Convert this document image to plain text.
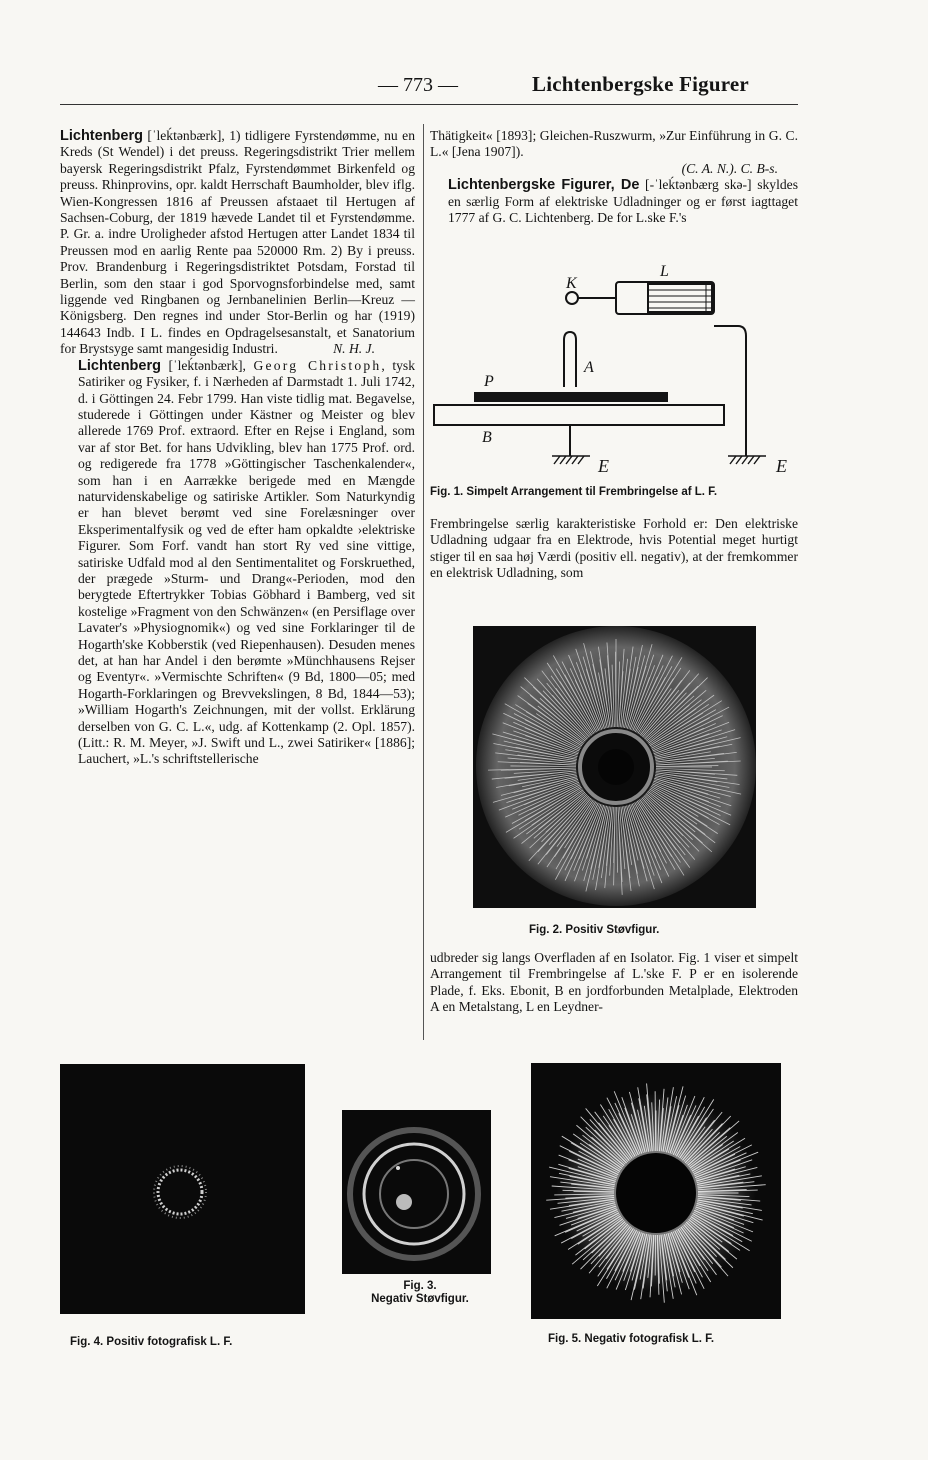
— 773 —	Lichtenbergske Figurer

Lichtenberg [ˈleḱtənbærk], 1) tidligere Fyrstendømme, nu en Kreds (St Wendel) i det preuss. Regeringsdistrikt Trier mellem bayersk Regeringsdistrikt Pfalz, Fyrstendømmet Birkenfeld og preuss. Rhinprovins, opr. kaldt Herrschaft Baumholder, blev iflg. Wien-Kongressen 1816 af Preussen afstaaet til Hertugen af Sachsen-Coburg, der 1819 hævede Landet til et Fyrstendømme. P. Gr. a. indre Uroligheder afstod Hertugen atter Landet 1834 til Preussen mod en aarlig Rente paa 520000 Rm. 2) By i preuss. Prov. Brandenburg i Regeringsdistriktet Potsdam, Forstad til Berlin, som den staar i god Sporvognsforbindelse med, samt liggende ved Ringbanen og Jernbanelinien Berlin—Kreuz —Königsberg. Den regnes ind under Stor-Berlin og har (1919) 144643 Indb. I L. findes en Opdragelsesanstalt, et Sanatorium for Brystsyge samt mangesidig Industri.	N. H. J.

Lichtenberg [ˈleḱtənbærk], Georg Christoph, tysk Satiriker og Fysiker, f. i Nærheden af Darmstadt 1. Juli 1742, d. i Göttingen 24. Febr 1799. Han viste tidlig mat. Begavelse, studerede i Göttingen under Kästner og Meister og blev allerede 1769 Prof. extraord. Efter en Rejse i England, som var af stor Bet. for hans Udvikling, blev han 1775 Prof. ord. og redigerede fra 1778 »Göttingischer Taschenkalender«, som han i en Aarrække berigede med en Mængde naturvidenskabelige og satiriske Artikler. Som Naturkyndig er han blevet berømt ved sine Forelæsninger over Eksperimentalfysik og ved de efter ham opkaldte ›elektriske Figurer. Som Forf. vandt han stort Ry ved sine vittige, satiriske Udfald mod al den Sentimentalitet og Forskruethed, der prægede »Sturm- und Drang«-Perioden, mod den berygtede Eftertrykker Tobias Göbhard i Bamberg, ved sit kostelige »Fragment von den Schwänzen« (en Persiflage over Lavater's »Physiognomik«) og ved sine Forklaringer til de Hogarth'ske Kobberstik (ved Riepenhausen). Desuden menes det, at han har Andel i den berømte »Münchhausens Rejser og Eventyr«. »Vermischte Schriften« (9 Bd, 1800—05; med Hogarth-Forklaringen og Brevvekslingen, 8 Bd, 1844—53); »William Hogarth's Zeichnungen, mit der vollst. Erklärung derselben von G. C. L.«, udg. af Kottenkamp (2. Opl. 1857). (Litt.: R. M. Meyer, »J. Swift und L., zwei Satiriker« [1886]; Lauchert, »L.'s schriftstellerische

Thätigkeit« [1893]; Gleichen-Ruszwurm, »Zur Einführung in G. C. L.« [Jena 1907]).

(C. A. N.). C. B-s.

Lichtenbergske Figurer, De [-ˈleḱtənbærg skə-] skyldes en særlig Form af elektriske Udladninger og er først iagttaget 1777 af G. C. Lichtenberg. De for L.ske F.'s

L
K
A
P
B
E	E
Fig. 1. Simpelt Arrangement til Frembringelse af L. F.

Frembringelse særlig karakteristiske Forhold er: Den elektriske Udladning udgaar fra en Elektrode, hvis Potential meget hurtigt stiger til en saa høj Værdi (positiv ell. negativ), at der fremkommer en elektrisk Udladning, som

Fig. 2. Positiv Støvfigur.

udbreder sig langs Overfladen af en Isolator. Fig. 1 viser et simpelt Arrangement til Frembringelse af L.'ske F. P er en isolerende Plade, f. Eks. Ebonit, B en jordforbunden Metalplade, Elektroden A en Metalstang, L en Leydner-

Fig. 4. Positiv fotografisk L. F.
Fig. 3.
Negativ Støvfigur.
Fig. 5. Negativ fotografisk L. F.
